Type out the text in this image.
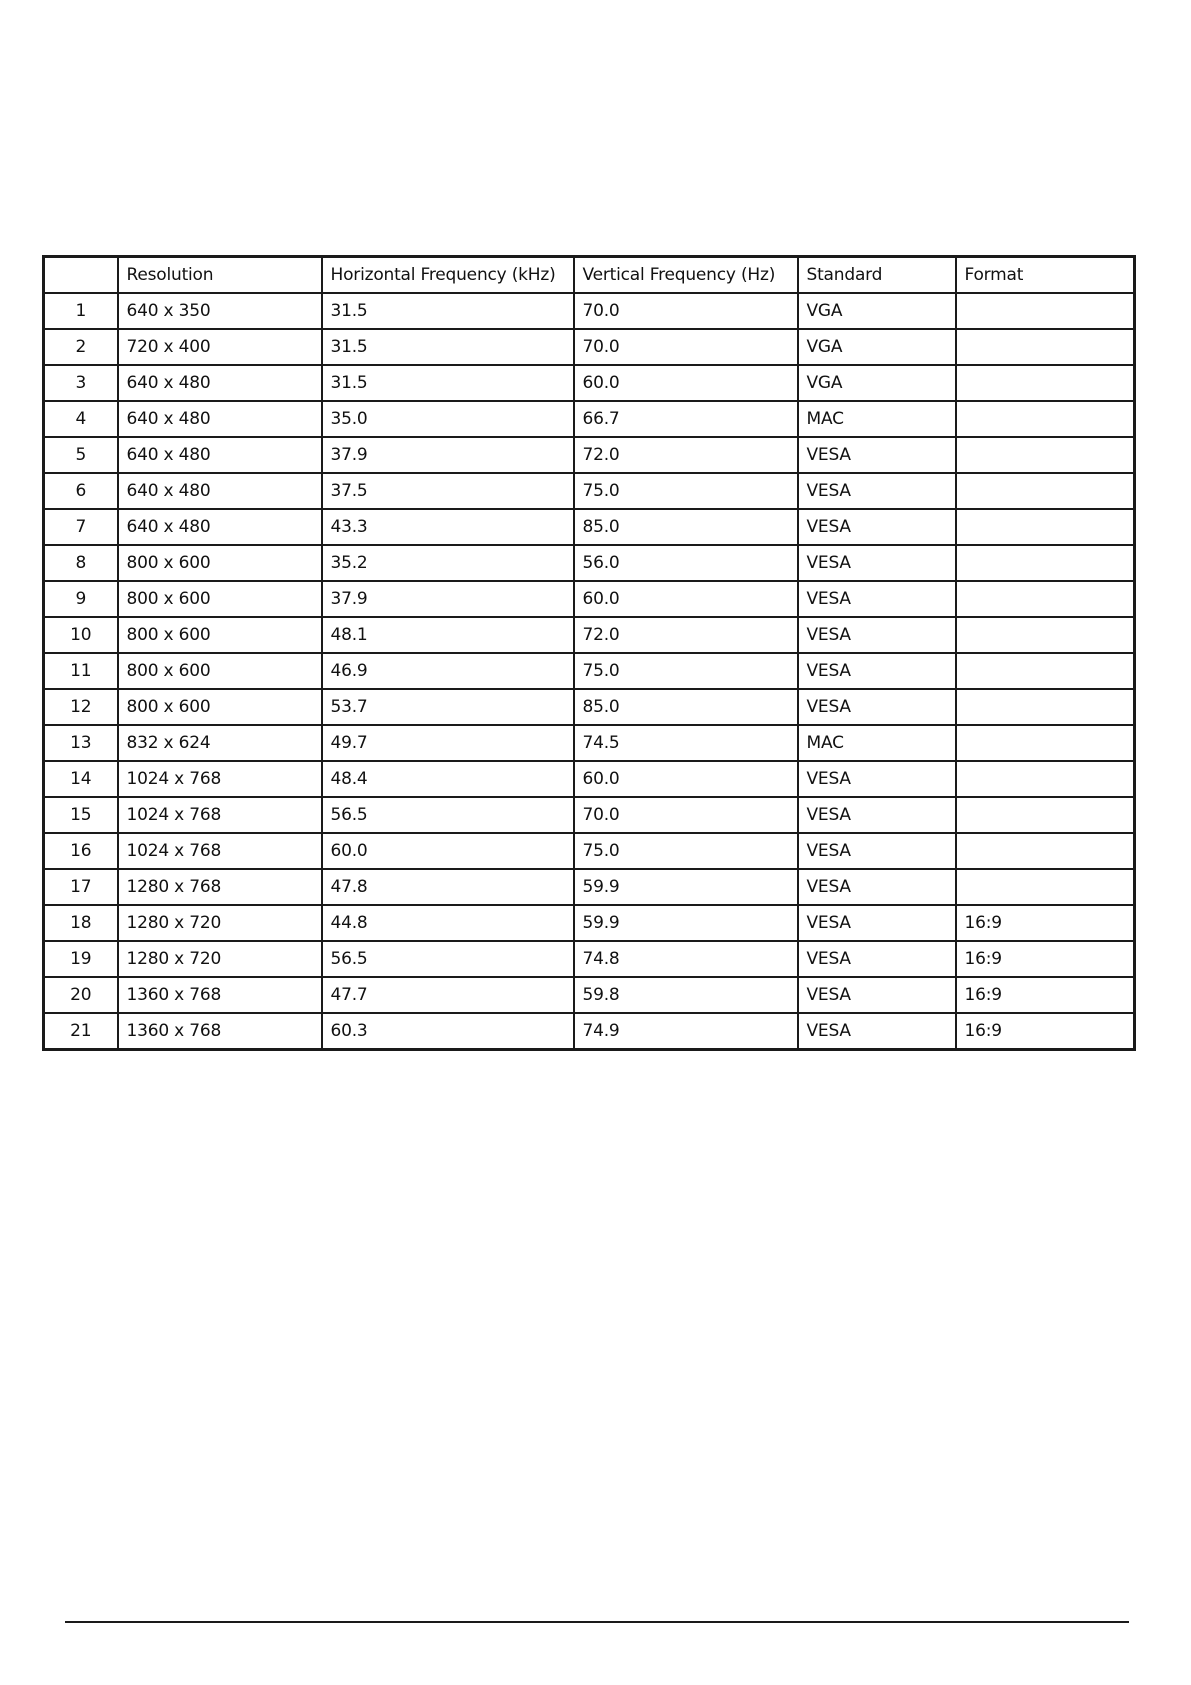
	Resolution	Horizontal Frequency (kHz)	Vertical Frequency (Hz)	Standard	Format
1	640 x 350	31.5	70.0	VGA	
2	720 x 400	31.5	70.0	VGA	
3	640 x 480	31.5	60.0	VGA	
4	640 x 480	35.0	66.7	MAC	
5	640 x 480	37.9	72.0	VESA	
6	640 x 480	37.5	75.0	VESA	
7	640 x 480	43.3	85.0	VESA	
8	800 x 600	35.2	56.0	VESA	
9	800 x 600	37.9	60.0	VESA	
10	800 x 600	48.1	72.0	VESA	
11	800 x 600	46.9	75.0	VESA	
12	800 x 600	53.7	85.0	VESA	
13	832 x 624	49.7	74.5	MAC	
14	1024 x 768	48.4	60.0	VESA	
15	1024 x 768	56.5	70.0	VESA	
16	1024 x 768	60.0	75.0	VESA	
17	1280 x 768	47.8	59.9	VESA	
18	1280 x 720	44.8	59.9	VESA	16:9
19	1280 x 720	56.5	74.8	VESA	16:9
20	1360 x 768	47.7	59.8	VESA	16:9
21	1360 x 768	60.3	74.9	VESA	16:9
